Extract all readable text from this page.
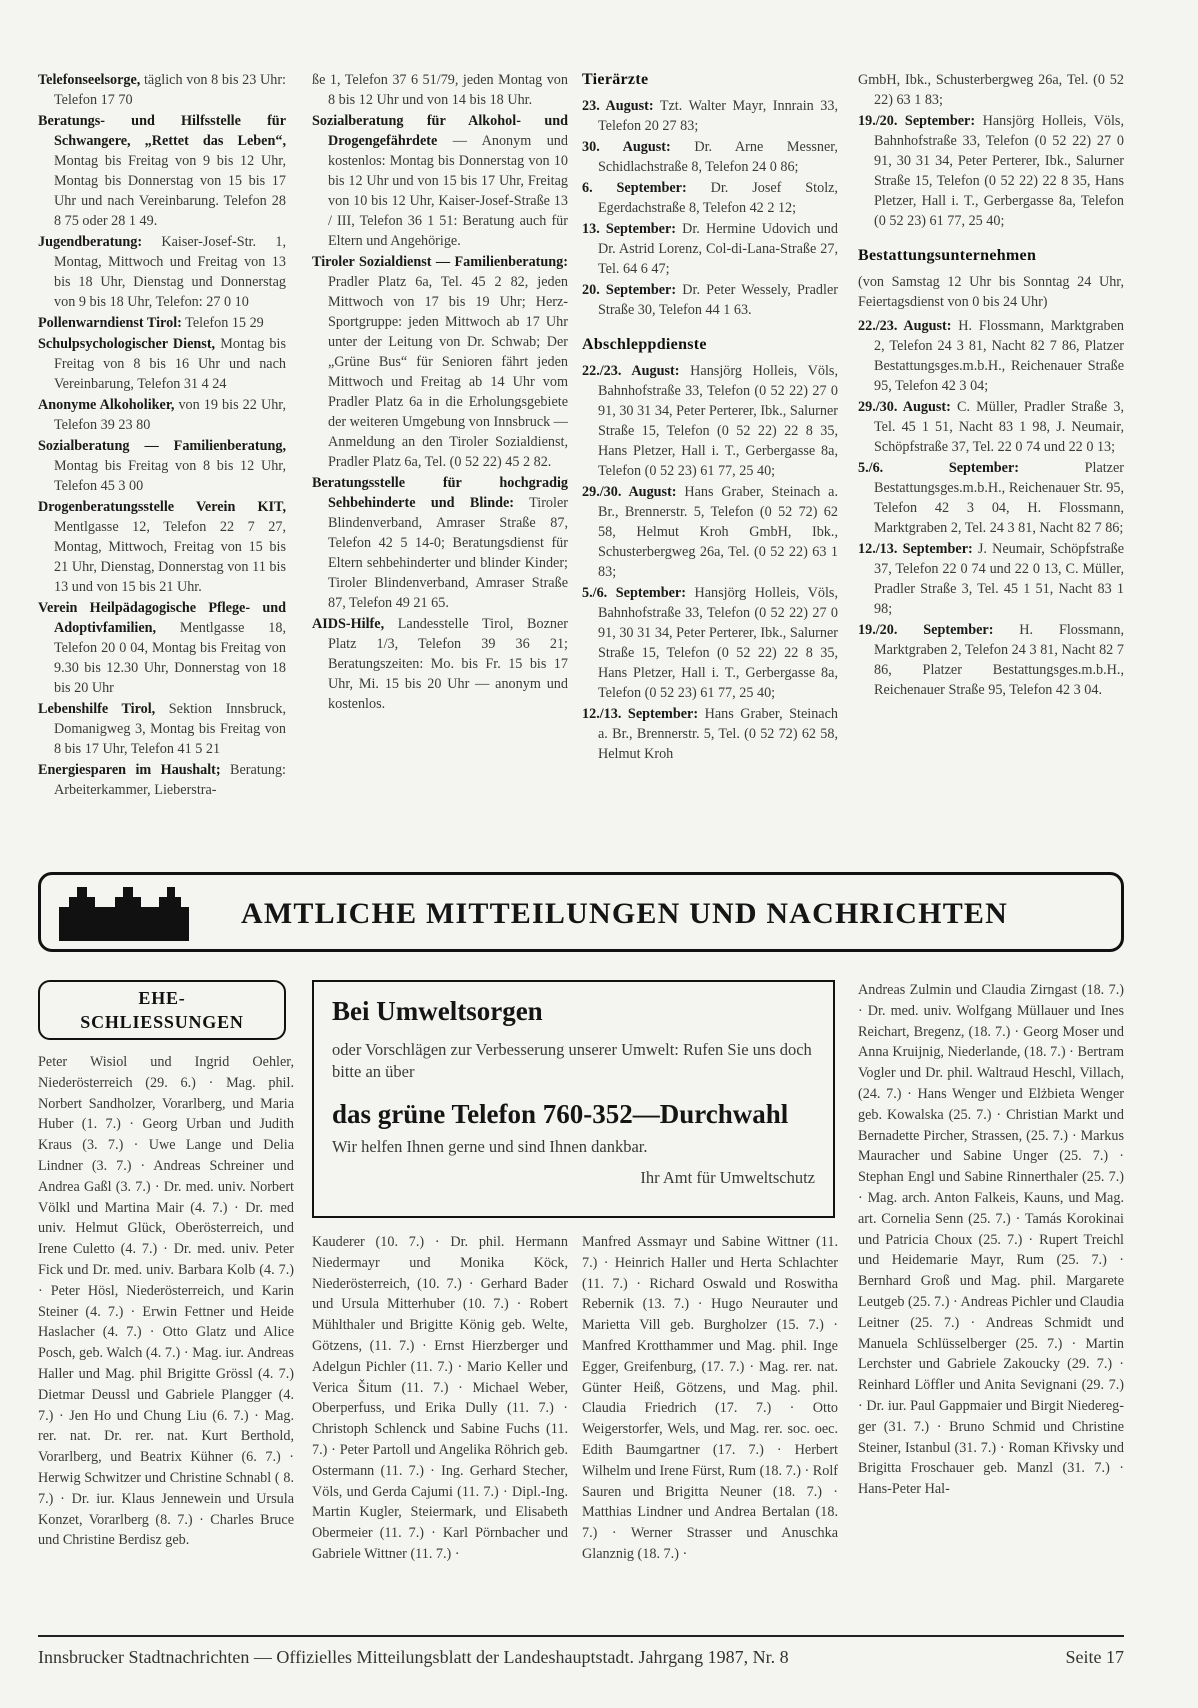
Telefonseelsorge, täglich von 8 bis 23 Uhr: Telefon 17 70
Beratungs- und Hilfsstelle für Schwangere, „Rettet das Leben“, Montag bis Freitag von 9 bis 12 Uhr, Montag bis Donnerstag von 15 bis 17 Uhr und nach Vereinbarung. Telefon 28 8 75 oder 28 1 49.
Jugendberatung: Kaiser-Josef-Str. 1, Montag, Mittwoch und Freitag von 13 bis 18 Uhr, Dienstag und Donnerstag von 9 bis 18 Uhr, Telefon: 27 0 10
Pollenwarndienst Tirol: Telefon 15 29
Schulpsychologischer Dienst, Montag bis Freitag von 8 bis 16 Uhr und nach Vereinbarung, Telefon 31 4 24
Anonyme Alkoholiker, von 19 bis 22 Uhr, Telefon 39 23 80
Sozialberatung — Familienberatung, Montag bis Freitag von 8 bis 12 Uhr, Telefon 45 3 00
Drogenberatungsstelle Verein KIT, Mentlgasse 12, Telefon 22 7 27, Montag, Mittwoch, Freitag von 15 bis 21 Uhr, Dienstag, Donnerstag von 11 bis 13 und von 15 bis 21 Uhr.
Verein Heilpädagogische Pflege- und Adoptivfamilien, Mentlgasse 18, Telefon 20 0 04, Montag bis Freitag von 9.30 bis 12.30 Uhr, Donnerstag von 18 bis 20 Uhr
Lebenshilfe Tirol, Sektion Innsbruck, Domanigweg 3, Montag bis Freitag von 8 bis 17 Uhr, Telefon 41 5 21
Energiesparen im Haushalt; Beratung: Arbeiterkammer, Lieberstra-
ße 1, Telefon 37 6 51/79, jeden Montag von 8 bis 12 Uhr und von 14 bis 18 Uhr.
Sozialberatung für Alkohol- und Drogengefährdete — Anonym und kostenlos: Montag bis Donnerstag von 10 bis 12 Uhr und von 15 bis 17 Uhr, Freitag von 10 bis 12 Uhr, Kaiser-Josef-Straße 13 / III, Telefon 36 1 51: Beratung auch für Eltern und Angehörige.
Tiroler Sozialdienst — Familienberatung: Pradler Platz 6a, Tel. 45 2 82, jeden Mittwoch von 17 bis 19 Uhr; Herz-Sportgruppe: jeden Mittwoch ab 17 Uhr unter der Leitung von Dr. Schwab; Der „Grüne Bus“ für Senioren fährt jeden Mittwoch und Freitag ab 14 Uhr vom Pradler Platz 6a in die Erholungsgebiete der weiteren Umgebung von Innsbruck — Anmeldung an den Tiroler Sozialdienst, Pradler Platz 6a, Tel. (0 52 22) 45 2 82.
Beratungsstelle für hochgradig Sehbehinderte und Blinde: Tiroler Blindenverband, Amraser Straße 87, Telefon 42 5 14-0; Beratungsdienst für Eltern sehbehinderter und blinder Kinder; Tiroler Blindenverband, Amraser Straße 87, Telefon 49 21 65.
AIDS-Hilfe, Landesstelle Tirol, Bozner Platz 1/3, Telefon 39 36 21; Beratungszeiten: Mo. bis Fr. 15 bis 17 Uhr, Mi. 15 bis 20 Uhr — anonym und kostenlos.
Tierärzte
23. August: Tzt. Walter Mayr, Innrain 33, Telefon 20 27 83;
30. August: Dr. Arne Messner, Schidlachstraße 8, Telefon 24 0 86;
6. September: Dr. Josef Stolz, Egerdachstraße 8, Telefon 42 2 12;
13. September: Dr. Hermine Udovich und Dr. Astrid Lorenz, Col-di-Lana-Straße 27, Tel. 64 6 47;
20. September: Dr. Peter Wessely, Pradler Straße 30, Telefon 44 1 63.
Abschleppdienste
22./23. August: Hansjörg Holleis, Völs, Bahnhofstraße 33, Telefon (0 52 22) 27 0 91, 30 31 34, Peter Perterer, Ibk., Salurner Straße 15, Telefon (0 52 22) 22 8 35, Hans Pletzer, Hall i. T., Gerbergasse 8a, Telefon (0 52 23) 61 77, 25 40;
29./30. August: Hans Graber, Steinach a. Br., Brennerstr. 5, Telefon (0 52 72) 62 58, Helmut Kroh GmbH, Ibk., Schusterbergweg 26a, Tel. (0 52 22) 63 1 83;
5./6. September: Hansjörg Holleis, Völs, Bahnhofstraße 33, Telefon (0 52 22) 27 0 91, 30 31 34, Peter Perterer, Ibk., Salurner Straße 15, Telefon (0 52 22) 22 8 35, Hans Pletzer, Hall i. T., Gerbergasse 8a, Telefon (0 52 23) 61 77, 25 40;
12./13. September: Hans Graber, Steinach a. Br., Brennerstr. 5, Tel. (0 52 72) 62 58, Helmut Kroh
GmbH, Ibk., Schusterbergweg 26a, Tel. (0 52 22) 63 1 83;
19./20. September: Hansjörg Holleis, Völs, Bahnhofstraße 33, Telefon (0 52 22) 27 0 91, 30 31 34, Peter Perterer, Ibk., Salurner Straße 15, Telefon (0 52 22) 22 8 35, Hans Pletzer, Hall i. T., Gerbergasse 8a, Telefon (0 52 23) 61 77, 25 40;
Bestattungsunternehmen
(von Samstag 12 Uhr bis Sonntag 24 Uhr, Feiertagsdienst von 0 bis 24 Uhr)
22./23. August: H. Flossmann, Marktgraben 2, Telefon 24 3 81, Nacht 82 7 86, Platzer Bestattungsges.m.b.H., Reichenauer Straße 95, Telefon 42 3 04;
29./30. August: C. Müller, Pradler Straße 3, Tel. 45 1 51, Nacht 83 1 98, J. Neumair, Schöpfstraße 37, Tel. 22 0 74 und 22 0 13;
5./6. September: Platzer Bestattungsges.m.b.H., Reichenauer Str. 95, Telefon 42 3 04, H. Flossmann, Marktgraben 2, Tel. 24 3 81, Nacht 82 7 86;
12./13. September: J. Neumair, Schöpfstraße 37, Telefon 22 0 74 und 22 0 13, C. Müller, Pradler Straße 3, Tel. 45 1 51, Nacht 83 1 98;
19./20. September: H. Flossmann, Marktgraben 2, Telefon 24 3 81, Nacht 82 7 86, Platzer Bestattungsges.m.b.H., Reichenauer Straße 95, Telefon 42 3 04.
AMTLICHE MITTEILUNGEN UND NACHRICHTEN
EHE-
SCHLIESSUNGEN	Bei Umweltsorgen
oder Vorschlägen zur Verbesserung unserer Umwelt: Rufen Sie uns doch bitte an über
das grüne Telefon 760-352—Durchwahl
Wir helfen Ihnen gerne und sind Ihnen dankbar.
Ihr Amt für Umweltschutz
Peter Wisiol und Ingrid Oehler, Niederösterreich (29. 6.) · Mag. phil. Norbert Sandholzer, Vorarlberg, und Maria Huber (1. 7.) · Georg Urban und Judith Kraus (3. 7.) · Uwe Lange und Delia Lindner (3. 7.) · Andreas Schreiner und Andrea Gaßl (3. 7.) · Dr. med. univ. Norbert Völkl und Martina Mair (4. 7.) · Dr. med univ. Helmut Glück, Oberösterreich, und Irene Culetto (4. 7.) · Dr. med. univ. Peter Fick und Dr. med. univ. Barbara Kolb (4. 7.) · Peter Hösl, Niederösterreich, und Karin Steiner (4. 7.) · Erwin Fettner und Heide Haslacher (4. 7.) · Otto Glatz und Alice Posch, geb. Walch (4. 7.) · Mag. iur. Andreas Haller und Mag. phil Brigitte Grössl (4. 7.) Dietmar Deussl und Gabriele Plangger (4. 7.) · Jen Ho und Chung Liu (6. 7.) · Mag. rer. nat. Dr. rer. nat. Kurt Berthold, Vorarlberg, und Beatrix Kühner (6. 7.) · Herwig Schwitzer und Christine Schnabl ( 8. 7.) · Dr. iur. Klaus Jennewein und Ursula Konzet, Vorarlberg (8. 7.) · Charles Bruce und Christine Berdisz geb.
Kauderer (10. 7.) · Dr. phil. Hermann Niedermayr und Monika Köck, Niederösterreich, (10. 7.) · Gerhard Bader und Ursula Mitterhuber (10. 7.) · Robert Mühlthaler und Brigitte König geb. Welte, Götzens, (11. 7.) · Ernst Hierzberger und Adelgun Pichler (11. 7.) · Mario Keller und Verica Šitum (11. 7.) · Michael Weber, Oberperfuss, und Erika Dully (11. 7.) · Christoph Schlenck und Sabine Fuchs (11. 7.) · Peter Partoll und Angelika Röhrich geb. Ostermann (11. 7.) · Ing. Gerhard Stecher, Völs, und Gerda Cajumi (11. 7.) · Dipl.-Ing. Martin Kugler, Steiermark, und Elisabeth Obermeier (11. 7.) · Karl Pörnbacher und Gabriele Wittner (11. 7.) ·
Manfred Assmayr und Sabine Wittner (11. 7.) · Heinrich Haller und Herta Schlachter (11. 7.) · Richard Oswald und Roswitha Rebernik (13. 7.) · Hugo Neurauter und Marietta Vill geb. Burgholzer (15. 7.) · Manfred Krotthammer und Mag. phil. Inge Egger, Greifenburg, (17. 7.) · Mag. rer. nat. Günter Heiß, Götzens, und Mag. phil. Claudia Friedrich (17. 7.) · Otto Weigerstorfer, Wels, und Mag. rer. soc. oec. Edith Baumgartner (17. 7.) · Herbert Wilhelm und Irene Fürst, Rum (18. 7.) · Rolf Sauren und Brigitta Neuner (18. 7.) · Matthias Lindner und Andrea Bertalan (18. 7.) · Werner Strasser und Anuschka Glanznig (18. 7.) ·
Andreas Zulmin und Claudia Zirngast (18. 7.) · Dr. med. univ. Wolfgang Müllauer und Ines Reichart, Bregenz, (18. 7.) · Georg Moser und Anna Kruijnig, Niederlande, (18. 7.) · Bertram Vogler und Dr. phil. Waltraud Heschl, Villach, (24. 7.) · Hans Wenger und Elżbieta Wenger geb. Kowalska (25. 7.) · Christian Markt und Bernadette Pircher, Strassen, (25. 7.) · Markus Mauracher und Sabine Unger (25. 7.) · Stephan Engl und Sabine Rinnerthaler (25. 7.) · Mag. arch. Anton Falkeis, Kauns, und Mag. art. Cornelia Senn (25. 7.) · Tamás Korokinai und Patricia Choux (25. 7.) · Rupert Treichl und Heidemarie Mayr, Rum (25. 7.) · Bernhard Groß und Mag. phil. Margarete Leutgeb (25. 7.) · Andreas Pichler und Claudia Leitner (25. 7.) · Andreas Schmidt und Manuela Schlüsselberger (25. 7.) · Martin Lerchster und Gabriele Zakoucky (29. 7.) · Reinhard Löffler und Anita Sevignani (29. 7.) · Dr. iur. Paul Gappmaier und Birgit Niedereg-ger (31. 7.) · Bruno Schmid und Christine Steiner, Istanbul (31. 7.) · Roman Křivsky und Brigitta Froschauer geb. Manzl (31. 7.) · Hans-Peter Hal-
Innsbrucker Stadtnachrichten — Offizielles Mitteilungsblatt der Landeshauptstadt. Jahrgang 1987, Nr. 8	Seite 17
